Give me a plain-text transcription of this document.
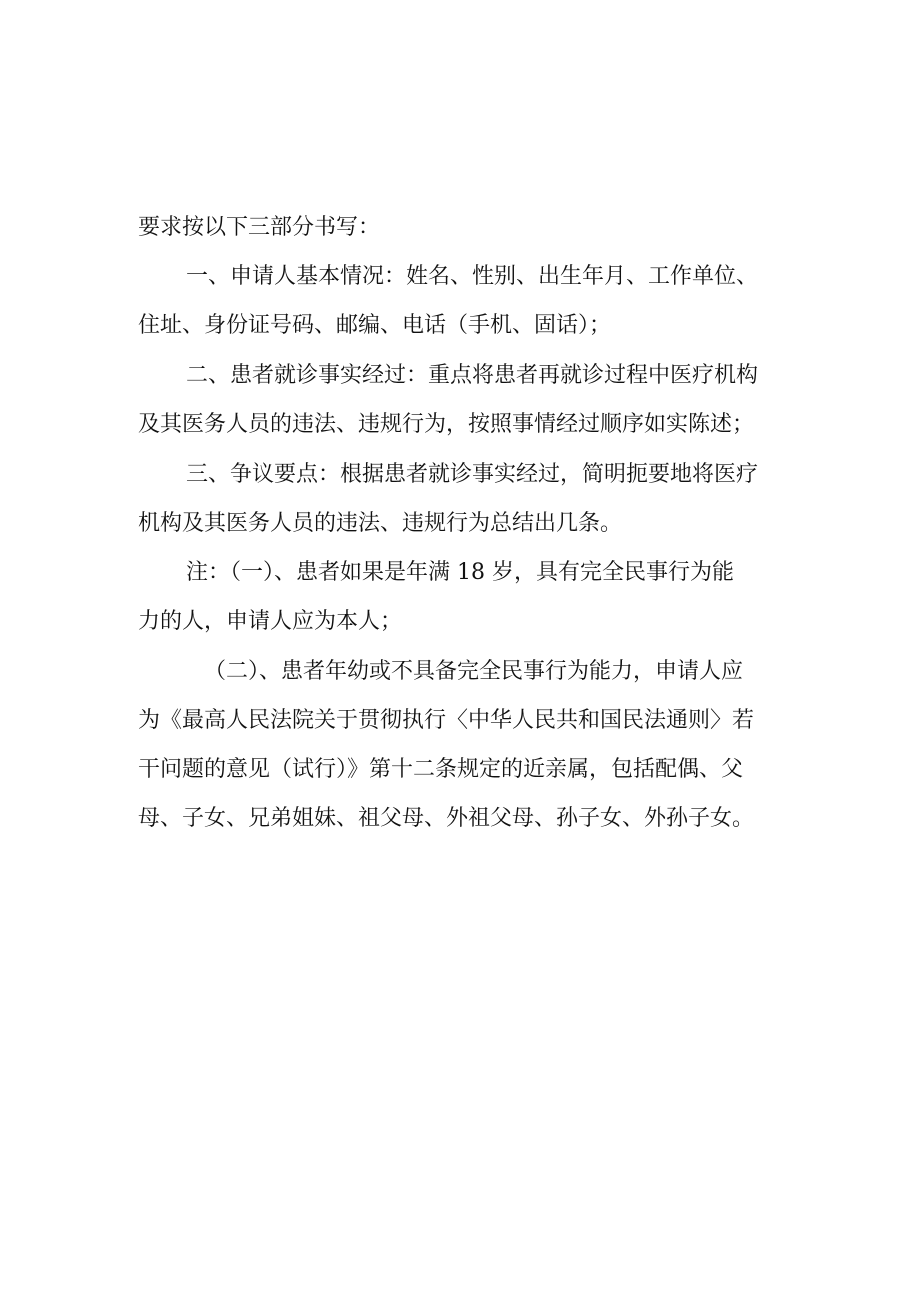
要求按以下三部分书写：

一、申请人基本情况：姓名、性别、出生年月、工作单位、

住址、身份证号码、邮编、电话（手机、固话）；

二、患者就诊事实经过：重点将患者再就诊过程中医疗机构

及其医务人员的违法、违规行为，按照事情经过顺序如实陈述；

三、争议要点：根据患者就诊事实经过，简明扼要地将医疗

机构及其医务人员的违法、违规行为总结出几条。

注：（一）、患者如果是年满 18 岁，具有完全民事行为能

力的人，申请人应为本人；

（二）、患者年幼或不具备完全民事行为能力，申请人应

为《最高人民法院关于贯彻执行〈中华人民共和国民法通则〉若

干问题的意见（试行）》第十二条规定的近亲属，包括配偶、父

母、子女、兄弟姐妹、祖父母、外祖父母、孙子女、外孙子女。
